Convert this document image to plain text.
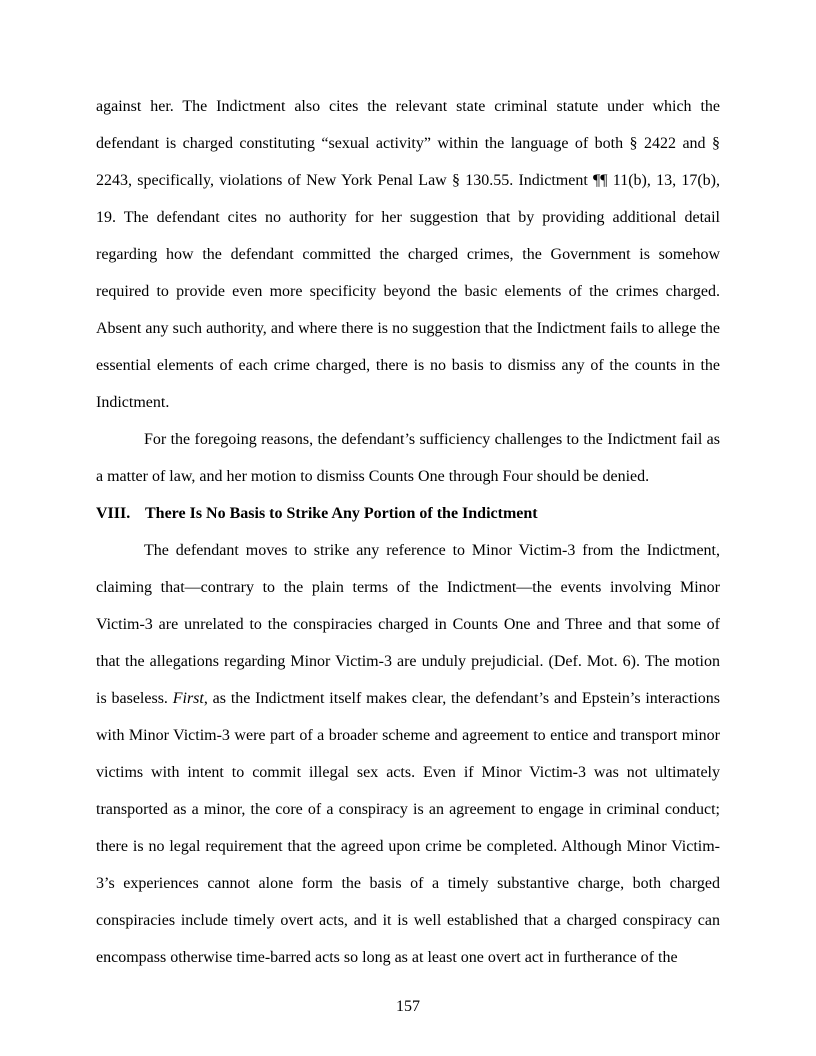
against her. The Indictment also cites the relevant state criminal statute under which the defendant is charged constituting “sexual activity” within the language of both § 2422 and § 2243, specifically, violations of New York Penal Law § 130.55. Indictment ¶¶ 11(b), 13, 17(b), 19. The defendant cites no authority for her suggestion that by providing additional detail regarding how the defendant committed the charged crimes, the Government is somehow required to provide even more specificity beyond the basic elements of the crimes charged. Absent any such authority, and where there is no suggestion that the Indictment fails to allege the essential elements of each crime charged, there is no basis to dismiss any of the counts in the Indictment.

For the foregoing reasons, the defendant’s sufficiency challenges to the Indictment fail as a matter of law, and her motion to dismiss Counts One through Four should be denied.

VIII. There Is No Basis to Strike Any Portion of the Indictment

The defendant moves to strike any reference to Minor Victim-3 from the Indictment, claiming that—contrary to the plain terms of the Indictment—the events involving Minor Victim-3 are unrelated to the conspiracies charged in Counts One and Three and that some of that the allegations regarding Minor Victim-3 are unduly prejudicial. (Def. Mot. 6). The motion is baseless. First, as the Indictment itself makes clear, the defendant’s and Epstein’s interactions with Minor Victim-3 were part of a broader scheme and agreement to entice and transport minor victims with intent to commit illegal sex acts. Even if Minor Victim-3 was not ultimately transported as a minor, the core of a conspiracy is an agreement to engage in criminal conduct; there is no legal requirement that the agreed upon crime be completed. Although Minor Victim-3’s experiences cannot alone form the basis of a timely substantive charge, both charged conspiracies include timely overt acts, and it is well established that a charged conspiracy can encompass otherwise time-barred acts so long as at least one overt act in furtherance of the

157
